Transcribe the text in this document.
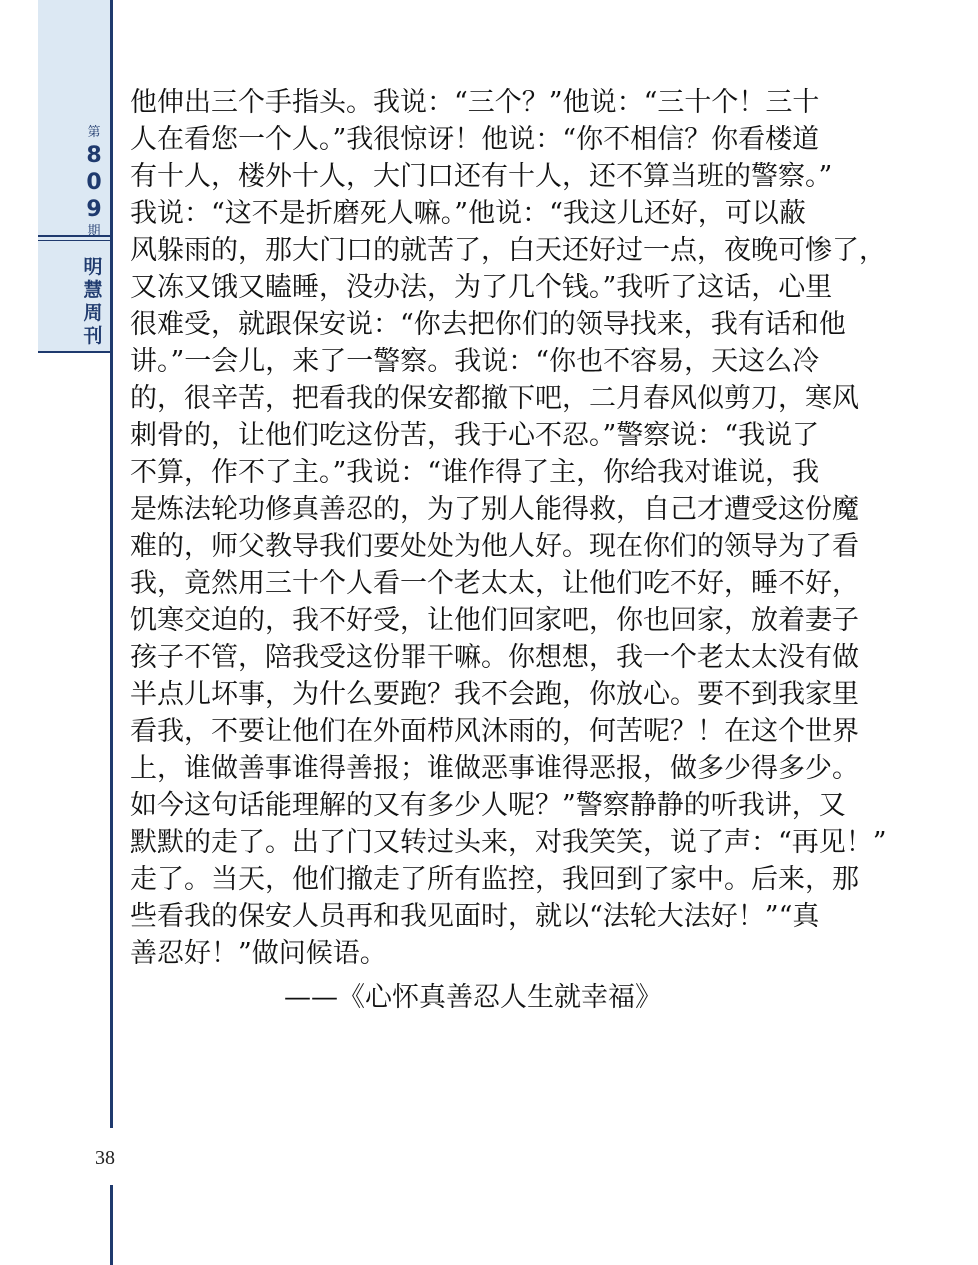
第
8
0
9
期
明
慧
周
刊
他伸出三个手指头。我说：“三个？”他说：“三十个！三十
人在看您一个人。”我很惊讶！他说：“你不相信？你看楼道
有十人，楼外十人，大门口还有十人，还不算当班的警察。”
我说：“这不是折磨死人嘛。”他说：“我这儿还好，可以蔽
风躲雨的，那大门口的就苦了，白天还好过一点，夜晚可惨了，
又冻又饿又瞌睡，没办法，为了几个钱。”我听了这话，心里
很难受，就跟保安说：“你去把你们的领导找来，我有话和他
讲。”一会儿，来了一警察。我说：“你也不容易，天这么冷
的，很辛苦，把看我的保安都撤下吧，二月春风似剪刀，寒风
刺骨的，让他们吃这份苦，我于心不忍。”警察说：“我说了
不算，作不了主。”我说：“谁作得了主，你给我对谁说，我
是炼法轮功修真善忍的，为了别人能得救，自己才遭受这份魔
难的，师父教导我们要处处为他人好。现在你们的领导为了看
我，竟然用三十个人看一个老太太，让他们吃不好，睡不好，
饥寒交迫的，我不好受，让他们回家吧，你也回家，放着妻子
孩子不管，陪我受这份罪干嘛。你想想，我一个老太太没有做
半点儿坏事，为什么要跑？我不会跑，你放心。要不到我家里
看我，不要让他们在外面栉风沐雨的，何苦呢？！在这个世界
上，谁做善事谁得善报；谁做恶事谁得恶报，做多少得多少。
如今这句话能理解的又有多少人呢？”警察静静的听我讲，又
默默的走了。出了门又转过头来，对我笑笑，说了声：“再见！”
走了。当天，他们撤走了所有监控，我回到了家中。后来，那
些看我的保安人员再和我见面时，就以“法轮大法好！”“真
善忍好！”做问候语。
——《心怀真善忍人生就幸福》
38
